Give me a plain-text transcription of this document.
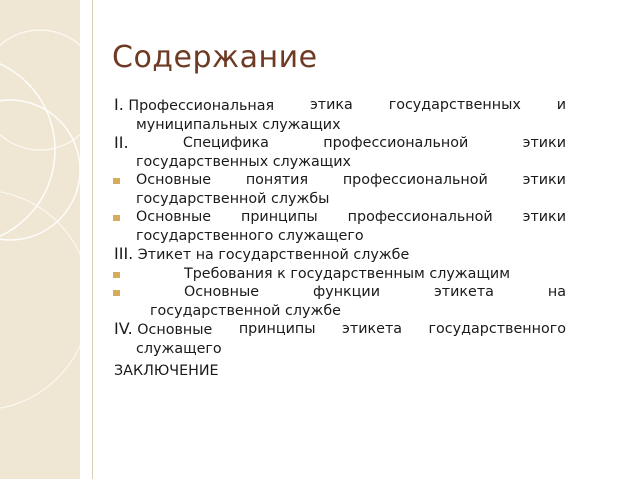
Содержание
I. Профессиональная	этика	государственных	и
муниципальных служащих
II.	Специфика	профессиональной	этики
государственных служащих
Основные понятия профессиональной этики
государственной службы
Основные принципы профессиональной этики
государственного служащего
III. Этикет на государственной службе
Требования к государственным служащим
Основные	функции	этикета	на
государственной службе
IV. Основные принципы этикета государственного
служащего
ЗАКЛЮЧЕНИЕ
